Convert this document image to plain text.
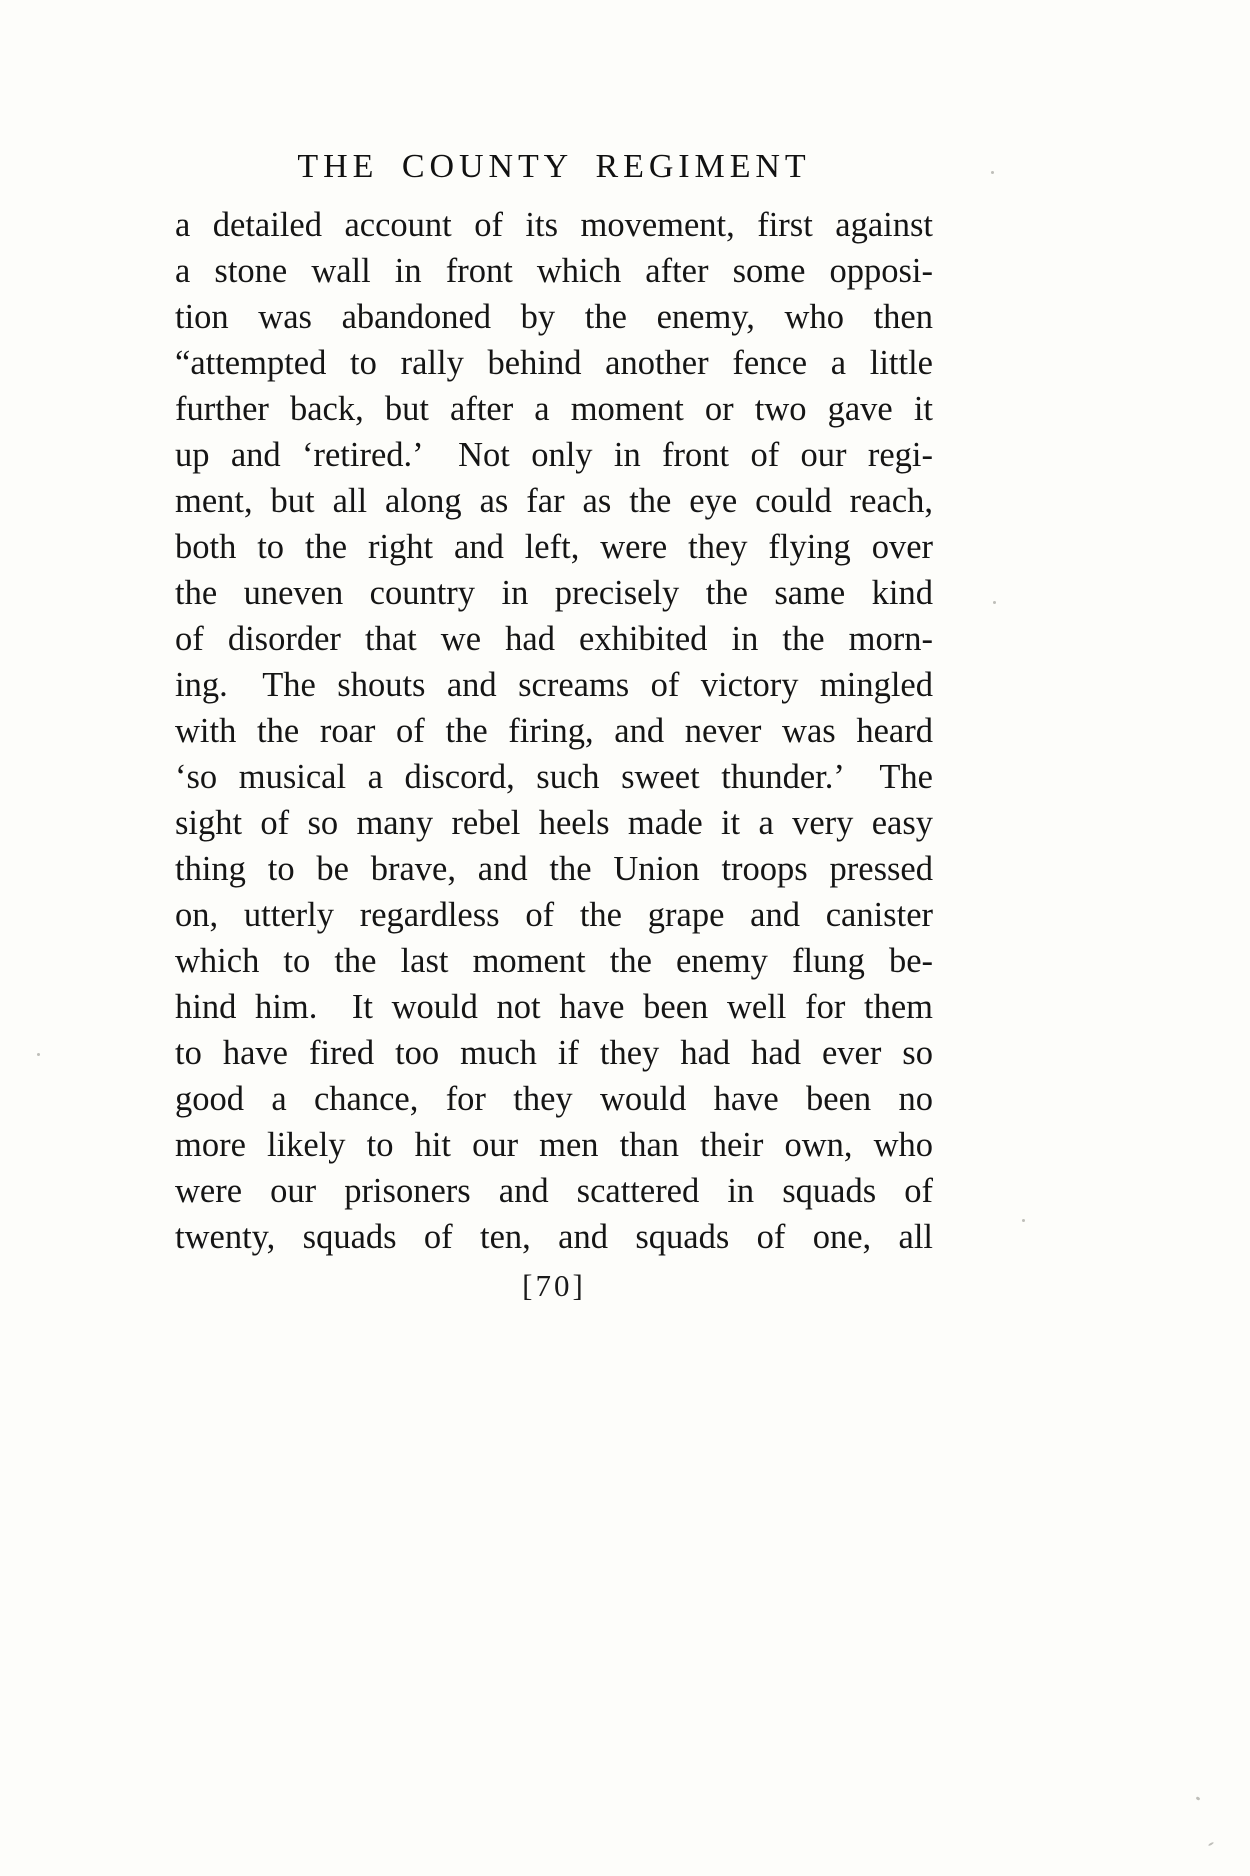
THE COUNTY REGIMENT
a detailed account of its movement, first against
a stone wall in front which after some opposi-
tion was abandoned by the enemy, who then
“attempted to rally behind another fence a little
further back, but after a moment or two gave it
up and ‘retired.’ Not only in front of our regi-
ment, but all along as far as the eye could reach,
both to the right and left, were they flying over
the uneven country in precisely the same kind
of disorder that we had exhibited in the morn-
ing. The shouts and screams of victory mingled
with the roar of the firing, and never was heard
‘so musical a discord, such sweet thunder.’ The
sight of so many rebel heels made it a very easy
thing to be brave, and the Union troops pressed
on, utterly regardless of the grape and canister
which to the last moment the enemy flung be-
hind him. It would not have been well for them
to have fired too much if they had had ever so
good a chance, for they would have been no
more likely to hit our men than their own, who
were our prisoners and scattered in squads of
twenty, squads of ten, and squads of one, all
[70]
